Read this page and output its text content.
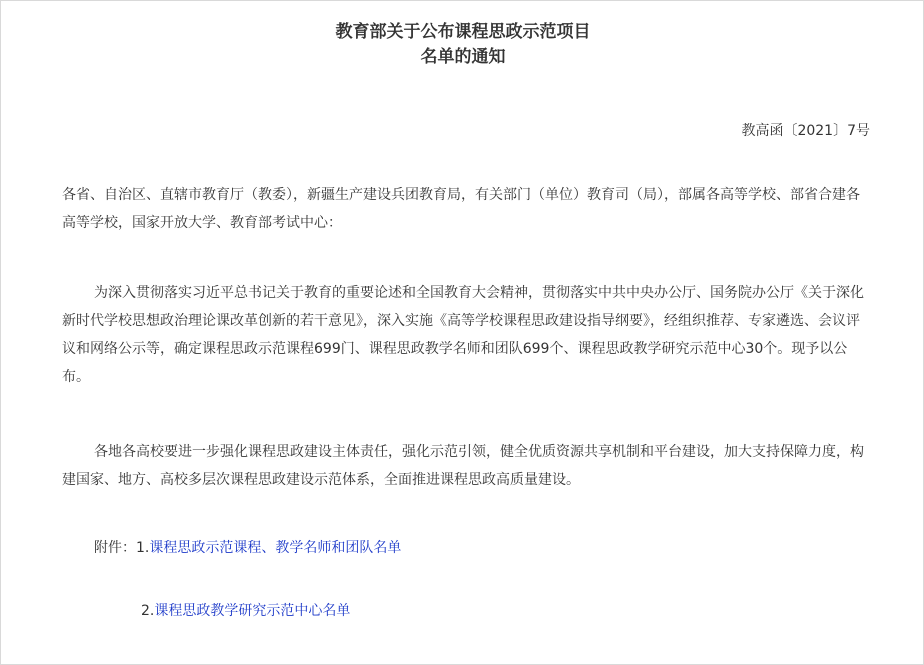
教育部关于公布课程思政示范项目
名单的通知
教高函〔2021〕7号

各省、自治区、直辖市教育厅（教委），新疆生产建设兵团教育局，有关部门（单位）教育司（局），部属各高等学校、部省合建各高等学校，国家开放大学、教育部考试中心：

为深入贯彻落实习近平总书记关于教育的重要论述和全国教育大会精神，贯彻落实中共中央办公厅、国务院办公厅《关于深化新时代学校思想政治理论课改革创新的若干意见》，深入实施《高等学校课程思政建设指导纲要》，经组织推荐、专家遴选、会议评议和网络公示等，确定课程思政示范课程699门、课程思政教学名师和团队699个、课程思政教学研究示范中心30个。现予以公布。

各地各高校要进一步强化课程思政建设主体责任，强化示范引领，健全优质资源共享机制和平台建设，加大支持保障力度，构建国家、地方、高校多层次课程思政建设示范体系，全面推进课程思政高质量建设。

附件：1.课程思政示范课程、教学名师和团队名单
2.课程思政教学研究示范中心名单
